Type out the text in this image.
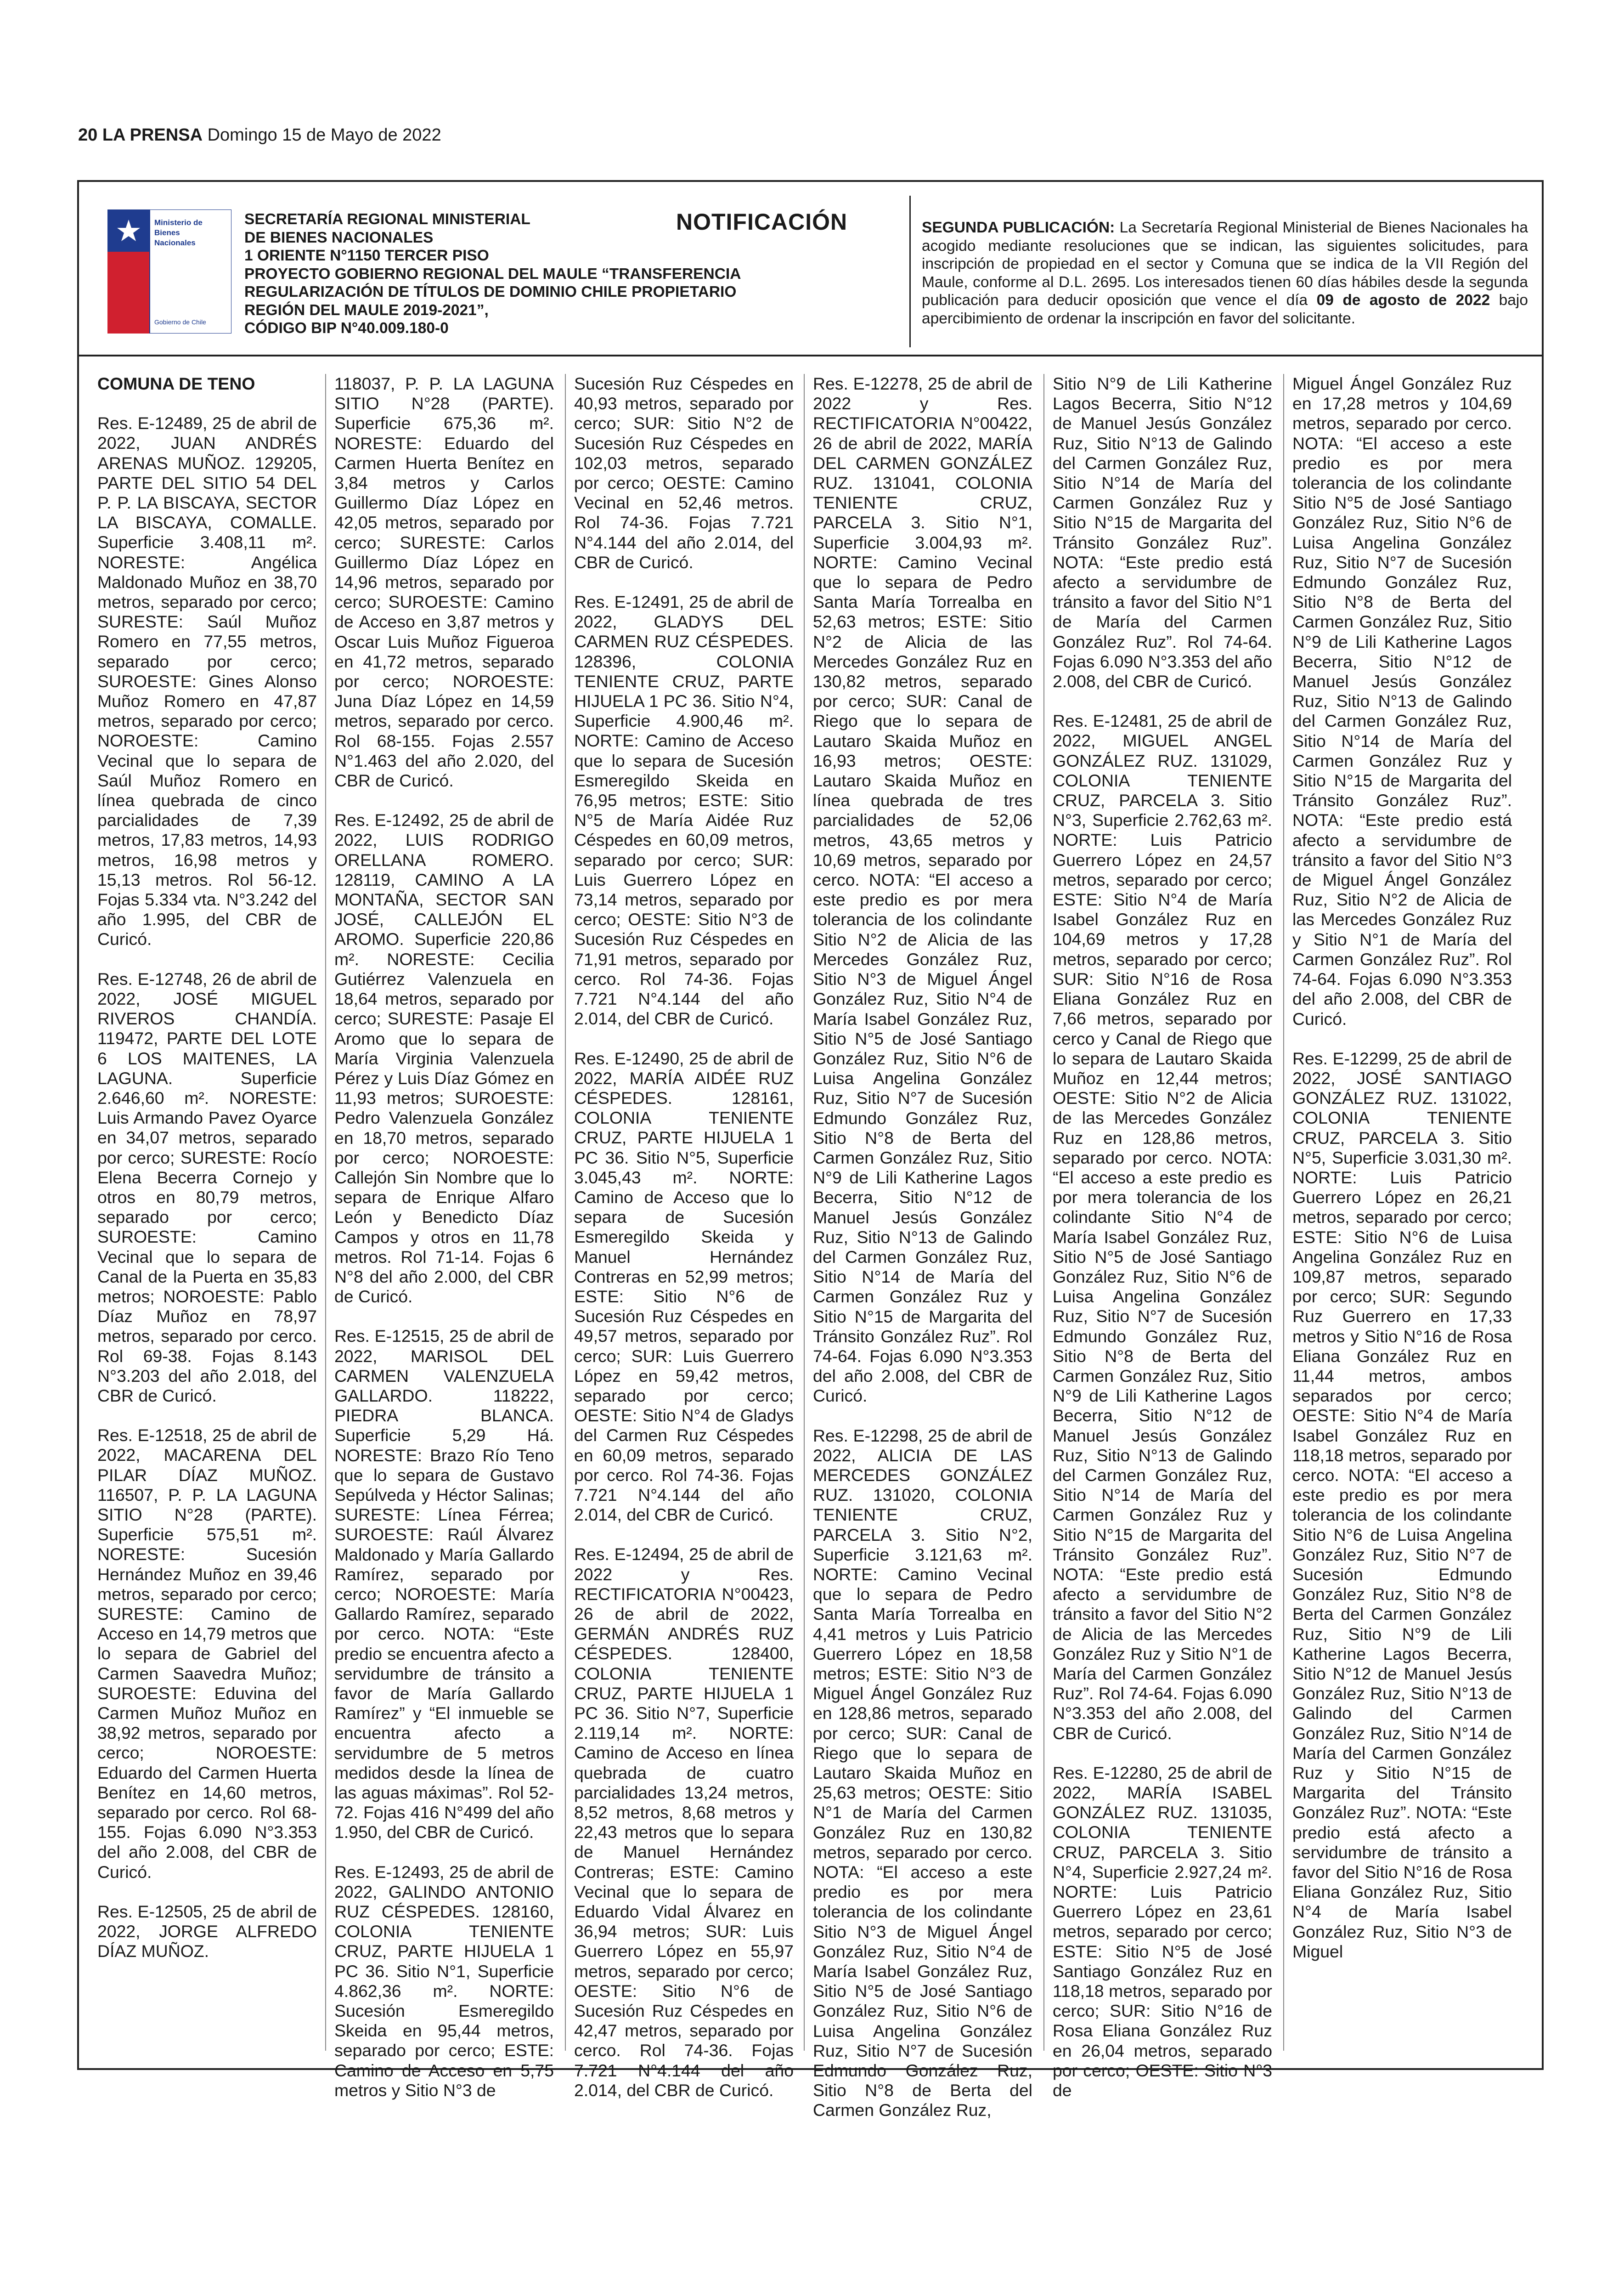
20 LA PRENSA Domingo 15 de Mayo de 2022
Ministerio de
Bienes
Nacionales
Gobierno de Chile
SECRETARÍA REGIONAL MINISTERIAL
DE BIENES NACIONALES
1 ORIENTE N°1150 TERCER PISO
PROYECTO GOBIERNO REGIONAL DEL MAULE “TRANSFERENCIA
REGULARIZACIÓN DE TÍTULOS DE DOMINIO CHILE PROPIETARIO
REGIÓN DEL MAULE 2019-2021”,
CÓDIGO BIP N°40.009.180-0
NOTIFICACIÓN	SEGUNDA PUBLICACIÓN: La Secretaría Regional Ministerial de Bienes Nacionales ha acogido mediante resoluciones que se indican, las siguientes solicitudes, para inscripción de propiedad en el sector y Comuna que se indica de la VII Región del Maule, conforme al D.L. 2695. Los interesados tienen 60 días hábiles desde la segunda publicación para deducir oposición que vence el día 09 de agosto de 2022 bajo apercibimiento de ordenar la inscripción en favor del solicitante.
COMUNA DE TENO

Res. E-12489, 25 de abril de 2022, JUAN ANDRÉS ARENAS MUÑOZ. 129205, PARTE DEL SITIO 54 DEL P. P. LA BISCAYA, SECTOR LA BISCAYA, COMALLE. Superficie 3.408,11 m². NORESTE: Angélica Maldonado Muñoz en 38,70 metros, separado por cerco; SURESTE: Saúl Muñoz Romero en 77,55 metros, separado por cerco; SUROESTE: Gines Alonso Muñoz Romero en 47,87 metros, separado por cerco; NOROESTE: Camino Vecinal que lo separa de Saúl Muñoz Romero en línea quebrada de cinco parcialidades de 7,39 metros, 17,83 metros, 14,93 metros, 16,98 metros y 15,13 metros. Rol 56-12. Fojas 5.334 vta. N°3.242 del año 1.995, del CBR de Curicó.

Res. E-12748, 26 de abril de 2022, JOSÉ MIGUEL RIVEROS CHANDÍA. 119472, PARTE DEL LOTE 6 LOS MAITENES, LA LAGUNA. Superficie 2.646,60 m². NORESTE: Luis Armando Pavez Oyarce en 34,07 metros, separado por cerco; SURESTE: Rocío Elena Becerra Cornejo y otros en 80,79 metros, separado por cerco; SUROESTE: Camino Vecinal que lo separa de Canal de la Puerta en 35,83 metros; NOROESTE: Pablo Díaz Muñoz en 78,97 metros, separado por cerco. Rol 69-38. Fojas 8.143 N°3.203 del año 2.018, del CBR de Curicó.

Res. E-12518, 25 de abril de 2022, MACARENA DEL PILAR DÍAZ MUÑOZ. 116507, P. P. LA LAGUNA SITIO N°28 (PARTE). Superficie 575,51 m². NORESTE: Sucesión Hernández Muñoz en 39,46 metros, separado por cerco; SURESTE: Camino de Acceso en 14,79 metros que lo separa de Gabriel del Carmen Saavedra Muñoz; SUROESTE: Eduvina del Carmen Muñoz Muñoz en 38,92 metros, separado por cerco; NOROESTE: Eduardo del Carmen Huerta Benítez en 14,60 metros, separado por cerco. Rol 68-155. Fojas 6.090 N°3.353 del año 2.008, del CBR de Curicó.

Res. E-12505, 25 de abril de 2022, JORGE ALFREDO DÍAZ MUÑOZ.

118037, P. P. LA LAGUNA SITIO N°28 (PARTE). Superficie 675,36 m². NORESTE: Eduardo del Carmen Huerta Benítez en 3,84 metros y Carlos Guillermo Díaz López en 42,05 metros, separado por cerco; SURESTE: Carlos Guillermo Díaz López en 14,96 metros, separado por cerco; SUROESTE: Camino de Acceso en 3,87 metros y Oscar Luis Muñoz Figueroa en 41,72 metros, separado por cerco; NOROESTE: Juna Díaz López en 14,59 metros, separado por cerco. Rol 68-155. Fojas 2.557 N°1.463 del año 2.020, del CBR de Curicó.

Res. E-12492, 25 de abril de 2022, LUIS RODRIGO ORELLANA ROMERO. 128119, CAMINO A LA MONTAÑA, SECTOR SAN JOSÉ, CALLEJÓN EL AROMO. Superficie 220,86 m². NORESTE: Cecilia Gutiérrez Valenzuela en 18,64 metros, separado por cerco; SURESTE: Pasaje El Aromo que lo separa de María Virginia Valenzuela Pérez y Luis Díaz Gómez en 11,93 metros; SUROESTE: Pedro Valenzuela González en 18,70 metros, separado por cerco; NOROESTE: Callejón Sin Nombre que lo separa de Enrique Alfaro León y Benedicto Díaz Campos y otros en 11,78 metros. Rol 71-14. Fojas 6 N°8 del año 2.000, del CBR de Curicó.

Res. E-12515, 25 de abril de 2022, MARISOL DEL CARMEN VALENZUELA GALLARDO. 118222, PIEDRA BLANCA. Superficie 5,29 Há. NORESTE: Brazo Río Teno que lo separa de Gustavo Sepúlveda y Héctor Salinas; SURESTE: Línea Férrea; SUROESTE: Raúl Álvarez Maldonado y María Gallardo Ramírez, separado por cerco; NOROESTE: María Gallardo Ramírez, separado por cerco. NOTA: “Este predio se encuentra afecto a servidumbre de tránsito a favor de María Gallardo Ramírez” y “El inmueble se encuentra afecto a servidumbre de 5 metros medidos desde la línea de las aguas máximas”. Rol 52-72. Fojas 416 N°499 del año 1.950, del CBR de Curicó.

Res. E-12493, 25 de abril de 2022, GALINDO ANTONIO RUZ CÉSPEDES. 128160, COLONIA TENIENTE CRUZ, PARTE HIJUELA 1 PC 36. Sitio N°1, Superficie 4.862,36 m². NORTE: Sucesión Esmeregildo Skeida en 95,44 metros, separado por cerco; ESTE: Camino de Acceso en 5,75 metros y Sitio N°3 de

Sucesión Ruz Céspedes en 40,93 metros, separado por cerco; SUR: Sitio N°2 de Sucesión Ruz Céspedes en 102,03 metros, separado por cerco; OESTE: Camino Vecinal en 52,46 metros. Rol 74-36. Fojas 7.721 N°4.144 del año 2.014, del CBR de Curicó.

Res. E-12491, 25 de abril de 2022, GLADYS DEL CARMEN RUZ CÉSPEDES. 128396, COLONIA TENIENTE CRUZ, PARTE HIJUELA 1 PC 36. Sitio N°4, Superficie 4.900,46 m². NORTE: Camino de Acceso que lo separa de Sucesión Esmeregildo Skeida en 76,95 metros; ESTE: Sitio N°5 de María Aidée Ruz Céspedes en 60,09 metros, separado por cerco; SUR: Luis Guerrero López en 73,14 metros, separado por cerco; OESTE: Sitio N°3 de Sucesión Ruz Céspedes en 71,91 metros, separado por cerco. Rol 74-36. Fojas 7.721 N°4.144 del año 2.014, del CBR de Curicó.

Res. E-12490, 25 de abril de 2022, MARÍA AIDÉE RUZ CÉSPEDES. 128161, COLONIA TENIENTE CRUZ, PARTE HIJUELA 1 PC 36. Sitio N°5, Superficie 3.045,43 m². NORTE: Camino de Acceso que lo separa de Sucesión Esmeregildo Skeida y Manuel Hernández Contreras en 52,99 metros; ESTE: Sitio N°6 de Sucesión Ruz Céspedes en 49,57 metros, separado por cerco; SUR: Luis Guerrero López en 59,42 metros, separado por cerco; OESTE: Sitio N°4 de Gladys del Carmen Ruz Céspedes en 60,09 metros, separado por cerco. Rol 74-36. Fojas 7.721 N°4.144 del año 2.014, del CBR de Curicó.

Res. E-12494, 25 de abril de 2022 y Res. RECTIFICATORIA N°00423, 26 de abril de 2022, GERMÁN ANDRÉS RUZ CÉSPEDES. 128400, COLONIA TENIENTE CRUZ, PARTE HIJUELA 1 PC 36. Sitio N°7, Superficie 2.119,14 m². NORTE: Camino de Acceso en línea quebrada de cuatro parcialidades 13,24 metros, 8,52 metros, 8,68 metros y 22,43 metros que lo separa de Manuel Hernández Contreras; ESTE: Camino Vecinal que lo separa de Eduardo Vidal Álvarez en 36,94 metros; SUR: Luis Guerrero López en 55,97 metros, separado por cerco; OESTE: Sitio N°6 de Sucesión Ruz Céspedes en 42,47 metros, separado por cerco. Rol 74-36. Fojas 7.721 N°4.144 del año 2.014, del CBR de Curicó.

Res. E-12278, 25 de abril de 2022 y Res. RECTIFICATORIA N°00422, 26 de abril de 2022, MARÍA DEL CARMEN GONZÁLEZ RUZ. 131041, COLONIA TENIENTE CRUZ, PARCELA 3. Sitio N°1, Superficie 3.004,93 m². NORTE: Camino Vecinal que lo separa de Pedro Santa María Torrealba en 52,63 metros; ESTE: Sitio N°2 de Alicia de las Mercedes González Ruz en 130,82 metros, separado por cerco; SUR: Canal de Riego que lo separa de Lautaro Skaida Muñoz en 16,93 metros; OESTE: Lautaro Skaida Muñoz en línea quebrada de tres parcialidades de 52,06 metros, 43,65 metros y 10,69 metros, separado por cerco. NOTA: “El acceso a este predio es por mera tolerancia de los colindante Sitio N°2 de Alicia de las Mercedes González Ruz, Sitio N°3 de Miguel Ángel González Ruz, Sitio N°4 de María Isabel González Ruz, Sitio N°5 de José Santiago González Ruz, Sitio N°6 de Luisa Angelina González Ruz, Sitio N°7 de Sucesión Edmundo González Ruz, Sitio N°8 de Berta del Carmen González Ruz, Sitio N°9 de Lili Katherine Lagos Becerra, Sitio N°12 de Manuel Jesús González Ruz, Sitio N°13 de Galindo del Carmen González Ruz, Sitio N°14 de María del Carmen González Ruz y Sitio N°15 de Margarita del Tránsito González Ruz”. Rol 74-64. Fojas 6.090 N°3.353 del año 2.008, del CBR de Curicó.

Res. E-12298, 25 de abril de 2022, ALICIA DE LAS MERCEDES GONZÁLEZ RUZ. 131020, COLONIA TENIENTE CRUZ, PARCELA 3. Sitio N°2, Superficie 3.121,63 m². NORTE: Camino Vecinal que lo separa de Pedro Santa María Torrealba en 4,41 metros y Luis Patricio Guerrero López en 18,58 metros; ESTE: Sitio N°3 de Miguel Ángel González Ruz en 128,86 metros, separado por cerco; SUR: Canal de Riego que lo separa de Lautaro Skaida Muñoz en 25,63 metros; OESTE: Sitio N°1 de María del Carmen González Ruz en 130,82 metros, separado por cerco. NOTA: “El acceso a este predio es por mera tolerancia de los colindante Sitio N°3 de Miguel Ángel González Ruz, Sitio N°4 de María Isabel González Ruz, Sitio N°5 de José Santiago González Ruz, Sitio N°6 de Luisa Angelina González Ruz, Sitio N°7 de Sucesión Edmundo González Ruz, Sitio N°8 de Berta del Carmen González Ruz,

Sitio N°9 de Lili Katherine Lagos Becerra, Sitio N°12 de Manuel Jesús González Ruz, Sitio N°13 de Galindo del Carmen González Ruz, Sitio N°14 de María del Carmen González Ruz y Sitio N°15 de Margarita del Tránsito González Ruz”. NOTA: “Este predio está afecto a servidumbre de tránsito a favor del Sitio N°1 de María del Carmen González Ruz”. Rol 74-64. Fojas 6.090 N°3.353 del año 2.008, del CBR de Curicó.

Res. E-12481, 25 de abril de 2022, MIGUEL ANGEL GONZÁLEZ RUZ. 131029, COLONIA TENIENTE CRUZ, PARCELA 3. Sitio N°3, Superficie 2.762,63 m². NORTE: Luis Patricio Guerrero López en 24,57 metros, separado por cerco; ESTE: Sitio N°4 de María Isabel González Ruz en 104,69 metros y 17,28 metros, separado por cerco; SUR: Sitio N°16 de Rosa Eliana González Ruz en 7,66 metros, separado por cerco y Canal de Riego que lo separa de Lautaro Skaida Muñoz en 12,44 metros; OESTE: Sitio N°2 de Alicia de las Mercedes González Ruz en 128,86 metros, separado por cerco. NOTA: “El acceso a este predio es por mera tolerancia de los colindante Sitio N°4 de María Isabel González Ruz, Sitio N°5 de José Santiago González Ruz, Sitio N°6 de Luisa Angelina González Ruz, Sitio N°7 de Sucesión Edmundo González Ruz, Sitio N°8 de Berta del Carmen González Ruz, Sitio N°9 de Lili Katherine Lagos Becerra, Sitio N°12 de Manuel Jesús González Ruz, Sitio N°13 de Galindo del Carmen González Ruz, Sitio N°14 de María del Carmen González Ruz y Sitio N°15 de Margarita del Tránsito González Ruz”. NOTA: “Este predio está afecto a servidumbre de tránsito a favor del Sitio N°2 de Alicia de las Mercedes González Ruz y Sitio N°1 de María del Carmen González Ruz”. Rol 74-64. Fojas 6.090 N°3.353 del año 2.008, del CBR de Curicó.

Res. E-12280, 25 de abril de 2022, MARÍA ISABEL GONZÁLEZ RUZ. 131035, COLONIA TENIENTE CRUZ, PARCELA 3. Sitio N°4, Superficie 2.927,24 m². NORTE: Luis Patricio Guerrero López en 23,61 metros, separado por cerco; ESTE: Sitio N°5 de José Santiago González Ruz en 118,18 metros, separado por cerco; SUR: Sitio N°16 de Rosa Eliana González Ruz en 26,04 metros, separado por cerco; OESTE: Sitio N°3 de

Miguel Ángel González Ruz en 17,28 metros y 104,69 metros, separado por cerco. NOTA: “El acceso a este predio es por mera tolerancia de los colindante Sitio N°5 de José Santiago González Ruz, Sitio N°6 de Luisa Angelina González Ruz, Sitio N°7 de Sucesión Edmundo González Ruz, Sitio N°8 de Berta del Carmen González Ruz, Sitio N°9 de Lili Katherine Lagos Becerra, Sitio N°12 de Manuel Jesús González Ruz, Sitio N°13 de Galindo del Carmen González Ruz, Sitio N°14 de María del Carmen González Ruz y Sitio N°15 de Margarita del Tránsito González Ruz”. NOTA: “Este predio está afecto a servidumbre de tránsito a favor del Sitio N°3 de Miguel Ángel González Ruz, Sitio N°2 de Alicia de las Mercedes González Ruz y Sitio N°1 de María del Carmen González Ruz”. Rol 74-64. Fojas 6.090 N°3.353 del año 2.008, del CBR de Curicó.

Res. E-12299, 25 de abril de 2022, JOSÉ SANTIAGO GONZÁLEZ RUZ. 131022, COLONIA TENIENTE CRUZ, PARCELA 3. Sitio N°5, Superficie 3.031,30 m². NORTE: Luis Patricio Guerrero López en 26,21 metros, separado por cerco; ESTE: Sitio N°6 de Luisa Angelina González Ruz en 109,87 metros, separado por cerco; SUR: Segundo Ruz Guerrero en 17,33 metros y Sitio N°16 de Rosa Eliana González Ruz en 11,44 metros, ambos separados por cerco; OESTE: Sitio N°4 de María Isabel González Ruz en 118,18 metros, separado por cerco. NOTA: “El acceso a este predio es por mera tolerancia de los colindante Sitio N°6 de Luisa Angelina González Ruz, Sitio N°7 de Sucesión Edmundo González Ruz, Sitio N°8 de Berta del Carmen González Ruz, Sitio N°9 de Lili Katherine Lagos Becerra, Sitio N°12 de Manuel Jesús González Ruz, Sitio N°13 de Galindo del Carmen González Ruz, Sitio N°14 de María del Carmen González Ruz y Sitio N°15 de Margarita del Tránsito González Ruz”. NOTA: “Este predio está afecto a servidumbre de tránsito a favor del Sitio N°16 de Rosa Eliana González Ruz, Sitio N°4 de María Isabel González Ruz, Sitio N°3 de Miguel
